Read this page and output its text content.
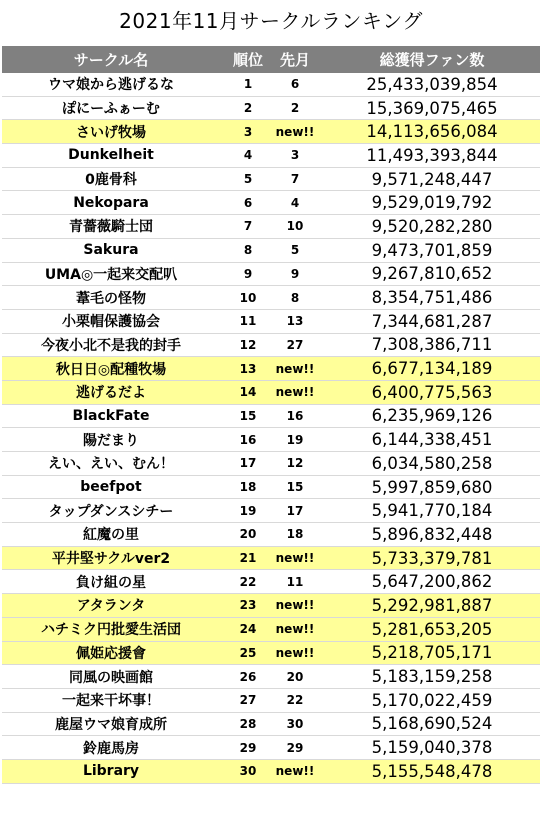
2021年11月サークルランキング
サークル名	順位	先月	総獲得ファン数
ウマ娘から逃げるな	1	6	25,433,039,854
ぽにーふぁーむ	2	2	15,369,075,465
さいげ牧場	3	new!!	14,113,656,084
Dunkelheit	4	3	11,493,393,844
0鹿骨科	5	7	9,571,248,447
Nekopara	6	4	9,529,019,792
青薔薇騎士団	7	10	9,520,282,280
Sakura	8	5	9,473,701,859
UMA◎一起来交配叭	9	9	9,267,810,652
葦毛の怪物	10	8	8,354,751,486
小栗帽保護協会	11	13	7,344,681,287
今夜小北不是我的封手	12	27	7,308,386,711
秋日日◎配種牧場	13	new!!	6,677,134,189
逃げるだよ	14	new!!	6,400,775,563
BlackFate	15	16	6,235,969,126
陽だまり	16	19	6,144,338,451
えい、えい、むん！	17	12	6,034,580,258
beefpot	18	15	5,997,859,680
タップダンスシチー	19	17	5,941,770,184
紅魔の里	20	18	5,896,832,448
平井堅サクルver2	21	new!!	5,733,379,781
負け組の星	22	11	5,647,200,862
アタランタ	23	new!!	5,292,981,887
ハチミク円批愛生活団	24	new!!	5,281,653,205
佩姫応援會	25	new!!	5,218,705,171
同風の映画館	26	20	5,183,159,258
一起来干坏事！	27	22	5,170,022,459
鹿屋ウマ娘育成所	28	30	5,168,690,524
鈴鹿馬房	29	29	5,159,040,378
Library	30	new!!	5,155,548,478
